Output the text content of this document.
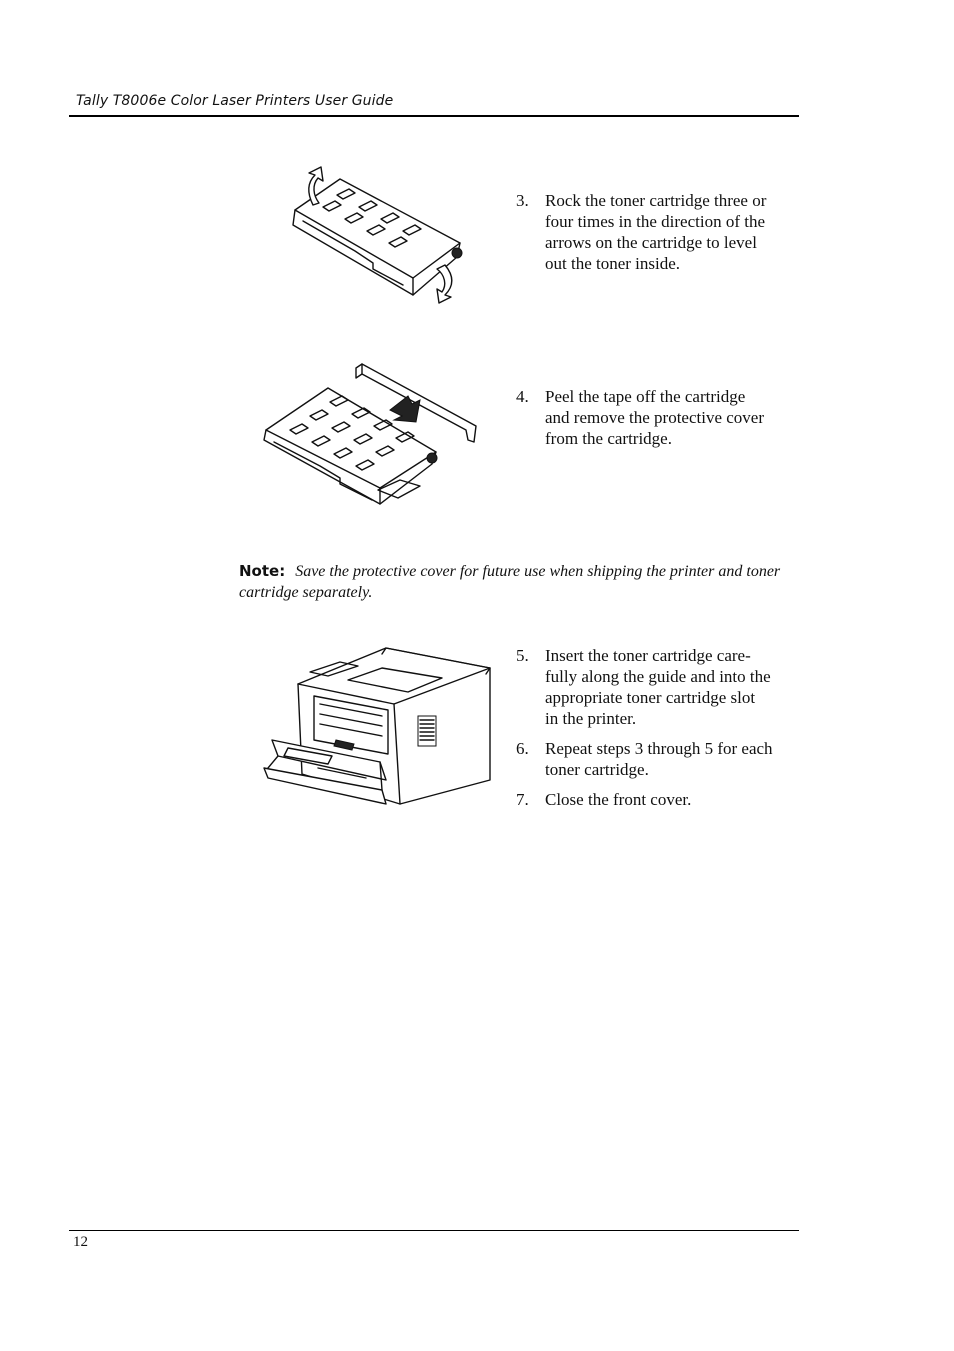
Tally T8006e Color Laser Printers User Guide
3. Rock the toner cartridge three or
four times in the direction of the
arrows on the cartridge to level
out the toner inside.
4. Peel the tape off the cartridge
and remove the protective cover
from the cartridge.
Note: Save the protective cover for future use when shipping the printer and toner cartridge separately.
5. Insert the toner cartridge care-
fully along the guide and into the
appropriate toner cartridge slot
in the printer.
6. Repeat steps 3 through 5 for each
toner cartridge.
7. Close the front cover.
12
